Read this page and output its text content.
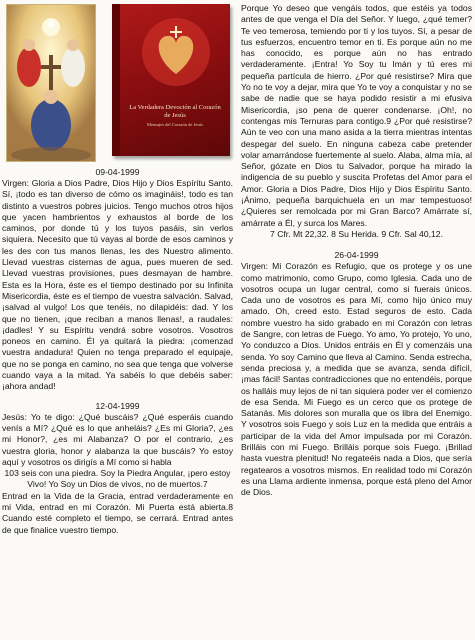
La Verdadera Devoción al Corazón de Jesús
Mensajes del Corazón de Jesús

09-04-1999

Virgen: Gloria a Dios Padre, Dios Hijo y Dios Espíritu Santo. Sí, ¡todo es tan diverso de cómo os imagináis!, todo es tan distinto a vuestros pobres juicios. Tengo muchos otros hijos que yacen hambrientos y exhaustos al borde de los caminos, por donde tú y los tuyos pasáis, sin verlos siquiera. Necesito que tú vayas al borde de esos caminos y les des con tus manos llenas, les des Nuestro alimento. Llevad vuestras cisternas de agua, pues mueren de sed. Llevad vuestras provisiones, pues desmayan de hambre. Esta es la Hora, éste es el tiempo destinado por su Infinita Misericordia, éste es el tiempo de vuestra salvación. Salvad, ¡salvad al vulgo! Los que tenéis, no dilapidéis: dad. Y los que no tienen, ¡que reciban a manos llenas!, a raudales: ¡dadles! Y su Espíritu vendrá sobre vosotros. Vosotros poneos en camino. Él ya quitará la piedra: ¡comenzad vuestra andadura! Quien no tenga preparado el equipaje, que no se ponga en camino, no sea que tenga que volverse cuando vaya a la mitad. Ya sabéis lo que debéis saber: ¡ahora andad!

12-04-1999

Jesús: Yo te digo: ¿Qué buscáis? ¿Qué esperáis cuando venís a Mí? ¿Qué es lo que anheláis? ¿Es mi Gloria?, ¿es mi Honor?, ¿es mi Alabanza? O por el contrario, ¿es vuestra gloria, honor y alabanza la que buscáis? Yo estoy aquí y vosotros os dirigís a Mí como si habla

103 seis con una piedra. Soy la Piedra Angular, ¡pero estoy Vivo! Yo Soy un Dios de vivos, no de muertos.7

Entrad en la Vida de la Gracia, entrad verdaderamente en mi Vida, entrad en mi Corazón. Mi Puerta está abierta.8 Cuando esté completo el tiempo, se cerrará. Entrad antes de que finalice vuestro tiempo.

Porque Yo deseo que vengáis todos, que estéis ya todos antes de que venga el Día del Señor. Y luego, ¿qué temer? Te veo temerosa, temiendo por ti y los tuyos. Sí, a pesar de tus esfuerzos, encuentro temor en ti. Es porque aún no me has conocido, es porque aún no has entrado verdaderamente. ¡Entra! Yo Soy tu Imán y tú eres mi pequeña partícula de hierro. ¿Por qué resistirse? Mira que Yo no te voy a dejar, mira que Yo te voy a conquistar y no se sabe de nadie que se haya podido resistir a mi efusiva Misericordia, ¡so pena de querer condenarse. ¡Oh!, no contengas mis Ternuras para contigo.9 ¿Por qué resistirse? Aún te veo con una mano asida a la tierra mientras intentas despegar del suelo. En ninguna cabeza cabe pretender volar amarrándose fuertemente al suelo. Alaba, alma mía, al Señor, gózate en Dios tu Salvador, porque ha mirado la indigencia de su pueblo y suscita Profetas del Amor para el Amor. Gloria a Dios Padre, Dios Hijo y Dios Espíritu Santo. ¡Ánimo, pequeña barquichuela en un mar tempestuoso! ¿Quieres ser remolcada por mi Gran Barco? Amárrate sí, amárrate a Él, y surca los Mares.

7 Cfr. Mt 22,32. 8 Su Herida. 9 Cfr. Sal 40,12.

26-04-1999

Virgen: Mi Corazón es Refugio, que os protege y os une como matrimonio, como Grupo, como Iglesia. Cada uno de vosotros ocupa un lugar central, como si fuerais únicos. Cada uno de vosotros es para Mí, como hijo único muy amado. Oh, creed esto. Estad seguros de esto. Cada nombre vuestro ha sido grabado en mi Corazón con letras de Sangre, con letras de Fuego. Yo amo, Yo protejo, Yo uno, Yo conduzco a Dios. Unidos entráis en Él y comenzáis una senda. Yo soy Camino que lleva al Camino. Senda estrecha, senda preciosa y, a medida que se avanza, senda difícil, ¡mas fácil! Santas contradicciones que no entendéis, porque os halláis muy lejos de ni tan siquiera poder ver el comienzo de esa Senda. Mi Fuego es un cerco que os protege de Satanás. Mis dolores son muralla que os libra del Enemigo. Y vosotros sois Fuego y sois Luz en la medida que entráis a participar de la vida del Amor impulsada por mi Corazón. Brilláis con mi Fuego. Brilláis porque sois Fuego. ¡Brillad hasta vuestra plenitud! No regateéis nada a Dios, que sería regatearos a vosotros mismos. En realidad todo mi Corazón es una Llama ardiente inmensa, porque está pleno del Amor de Dios.
